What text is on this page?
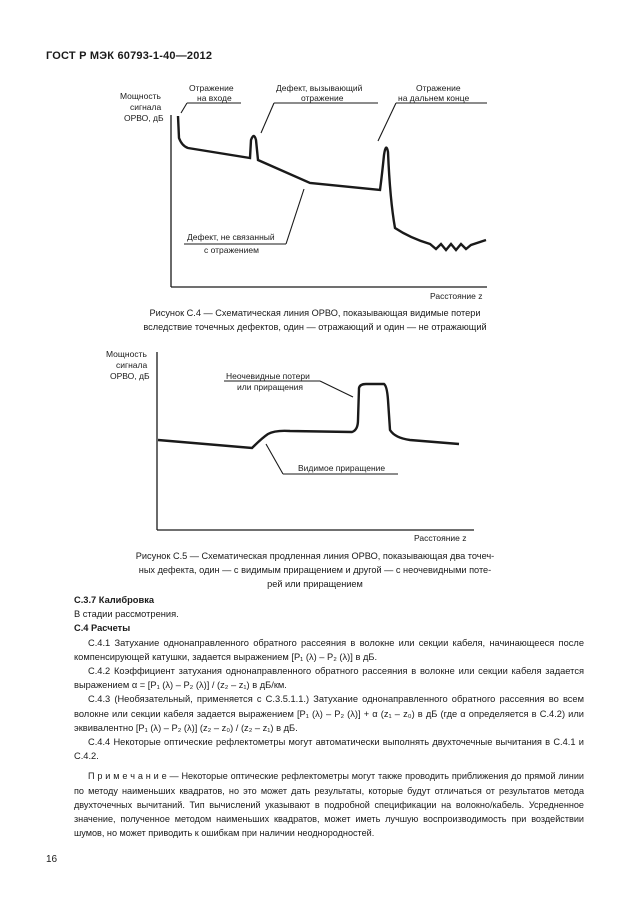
ГОСТ Р МЭК 60793-1-40—2012
Мощность
сигнала
ОРВО, дБ
Отражение
на входе
Дефект, вызывающий
отражение
Отражение
на дальнем конце
Дефект, не связанный
с отражением
Расстояние z
Рисунок С.4 — Схематическая линия ОРВО, показывающая видимые потери
вследствие точечных дефектов, один — отражающий и один — не отражающий
Мощность
сигнала
ОРВО, дБ	Неочевидные потери
или приращения
Видимое приращение
Расстояние z
Рисунок С.5 — Схематическая продленная линия ОРВО, показывающая два точеч-
ных дефекта, один — с видимым приращением и другой — с неочевидными поте-
рей или приращением

С.3.7 Калибровка

В стадии рассмотрения.

С.4 Расчеты

С.4.1 Затухание однонаправленного обратного рассеяния в волокне или секции кабеля, начинающееся после компенсирующей катушки, задается выражением [P₁ (λ) – P₂ (λ)] в дБ.

С.4.2 Коэффициент затухания однонаправленного обратного рассеяния в волокне или секции кабеля задается выражением α = [P₁ (λ) – P₂ (λ)] / (z₂ – z₁) в дБ/км.

С.4.3 (Необязательный, применяется с С.3.5.1.1.) Затухание однонаправленного обратного рассеяния во всем волокне или секции кабеля задается выражением [P₁ (λ) – P₂ (λ)] + α (z₁ – z₀) в дБ (где α определяется в С.4.2) или эквивалентно [P₁ (λ) – P₂ (λ)] (z₂ – z₀) / (z₂ – z₁) в дБ.

С.4.4 Некоторые оптические рефлектометры могут автоматически выполнять двухточечные вычитания в С.4.1 и С.4.2.

П р и м е ч а н и е — Некоторые оптические рефлектометры могут также проводить приближения до прямой линии по методу наименьших квадратов, но это может дать результаты, которые будут отличаться от результатов метода двухточечных вычитаний. Тип вычислений указывают в подробной спецификации на волокно/кабель. Усредненное значение, полученное методом наименьших квадратов, может иметь лучшую воспроизводимость при воздействии шумов, но может приводить к ошибкам при наличии неоднородностей.

16
